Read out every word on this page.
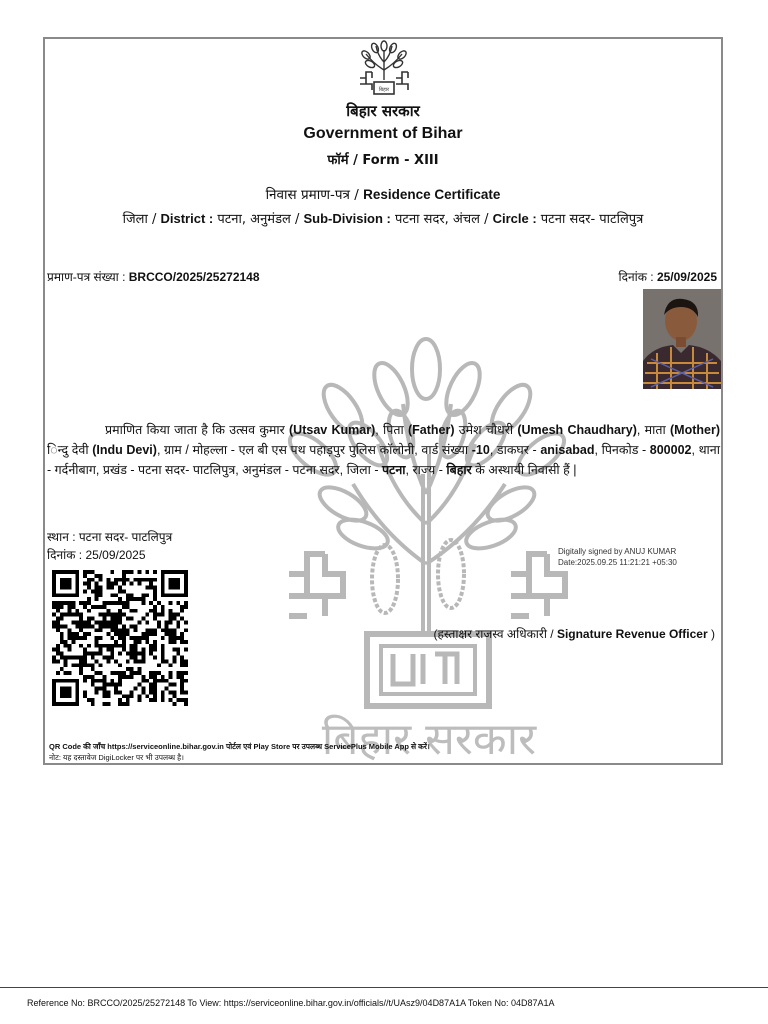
बिहार सरकार
बिहार
बिहार सरकार
Government of Bihar
फॉर्म / Form - XIII
निवास प्रमाण-पत्र / Residence Certificate
जिला / District : पटना, अनुमंडल / Sub-Division : पटना सदर, अंचल / Circle : पटना सदर- पाटलिपुत्र
प्रमाण-पत्र संख्या : BRCCO/2025/25272148	दिनांक : 25/09/2025
प्रमाणित किया जाता है कि उत्सव कुमार (Utsav Kumar), पिता (Father) उमेश चौधरी (Umesh Chaudhary), माता (Mother) िन्दु देवी (Indu Devi), ग्राम / मोहल्ला - एल बी एस पथ पहाड़पुर पुलिस कॉलोनी, वार्ड संख्या -10, डाकघर - anisabad, पिनकोड - 800002, थाना - गर्दनीबाग, प्रखंड - पटना सदर- पाटलिपुत्र, अनुमंडल - पटना सदर, जिला - पटना, राज्य - बिहार के अस्थायी निवासी हैं |
स्थान : पटना सदर- पाटलिपुत्र
दिनांक : 25/09/2025	Digitally signed by ANUJ KUMAR
Date:2025.09.25 11:21:21 +05:30
(हस्ताक्षर राजस्व अधिकारी / Signature Revenue Officer )
QR Code की जाँच https://serviceonline.bihar.gov.in पोर्टल एवं Play Store पर उपलब्ध ServicePlus Mobile App से करें।
नोट: यह दस्तावेज DigiLocker पर भी उपलब्ध है।
Reference No: BRCCO/2025/25272148 To View: https://serviceonline.bihar.gov.in/officials//t/UAsz9/04D87A1A Token No: 04D87A1A
